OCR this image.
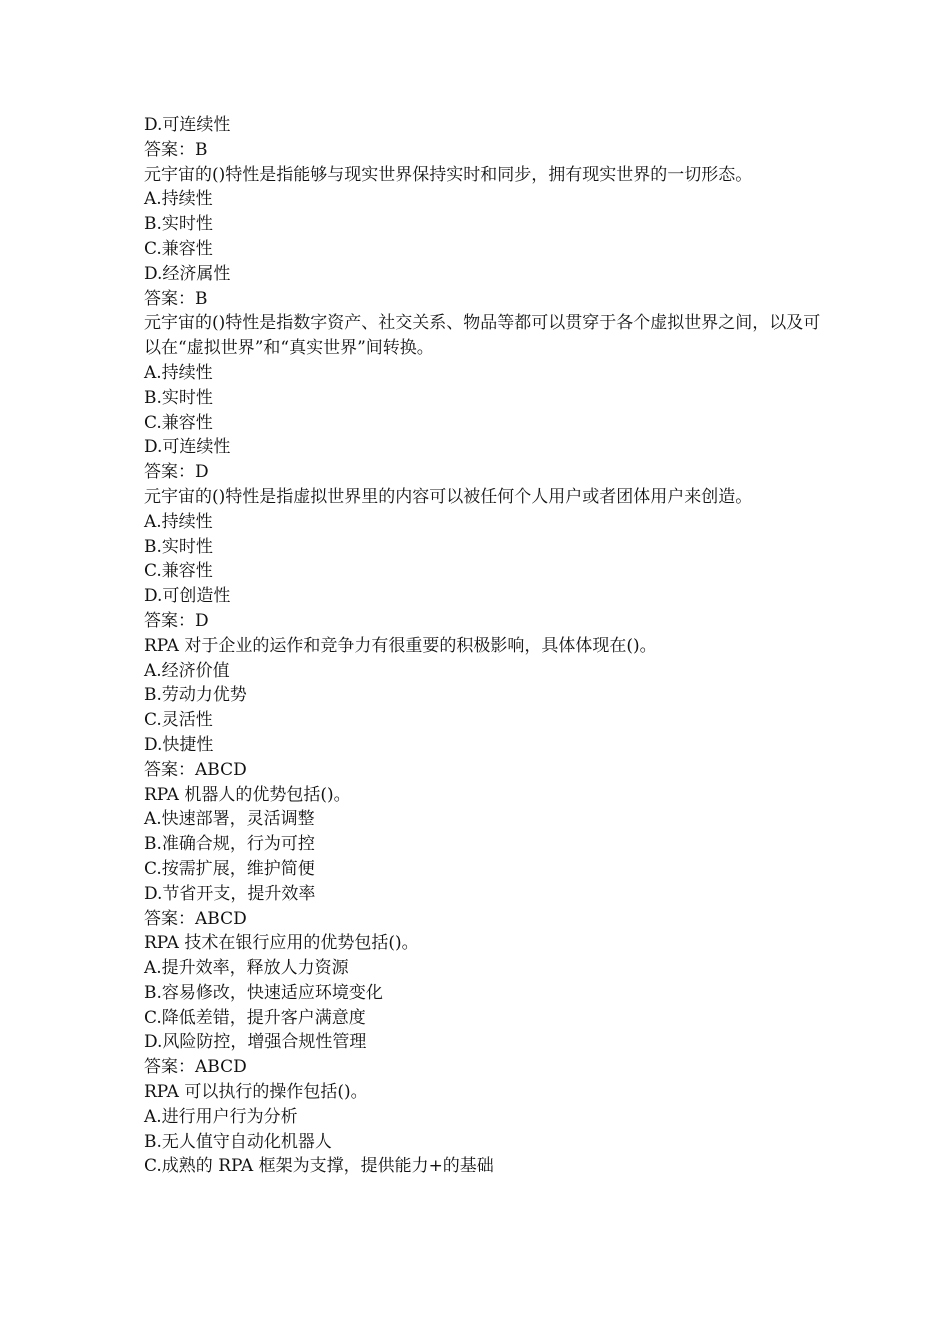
D.可连续性
答案：B
元宇宙的()特性是指能够与现实世界保持实时和同步，拥有现实世界的一切形态。
A.持续性
B.实时性
C.兼容性
D.经济属性
答案：B
元宇宙的()特性是指数字资产、社交关系、物品等都可以贯穿于各个虚拟世界之间，以及可以在“虚拟世界”和“真实世界”间转换。
A.持续性
B.实时性
C.兼容性
D.可连续性
答案：D
元宇宙的()特性是指虚拟世界里的内容可以被任何个人用户或者团体用户来创造。
A.持续性
B.实时性
C.兼容性
D.可创造性
答案：D
RPA 对于企业的运作和竞争力有很重要的积极影响，具体体现在()。
A.经济价值
B.劳动力优势
C.灵活性
D.快捷性
答案：ABCD
RPA 机器人的优势包括()。
A.快速部署，灵活调整
B.准确合规，行为可控
C.按需扩展，维护简便
D.节省开支，提升效率
答案：ABCD
RPA 技术在银行应用的优势包括()。
A.提升效率，释放人力资源
B.容易修改，快速适应环境变化
C.降低差错，提升客户满意度
D.风险防控，增强合规性管理
答案：ABCD
RPA 可以执行的操作包括()。
A.进行用户行为分析
B.无人值守自动化机器人
C.成熟的 RPA 框架为支撑，提供能力+的基础
